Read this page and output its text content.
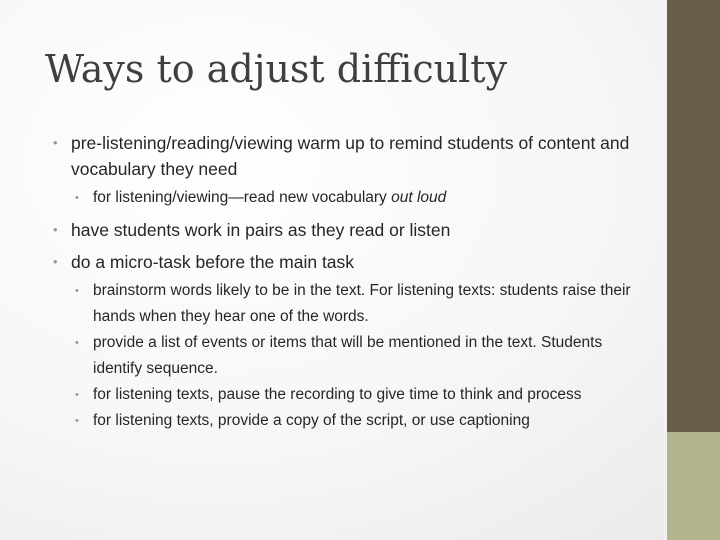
Ways to adjust difficulty
• pre-listening/reading/viewing warm up to remind students of content and vocabulary they need
• for listening/viewing—read new vocabulary out loud
• have students work in pairs as they read or listen
• do a micro-task before the main task
• brainstorm words likely to be in the text. For listening texts: students raise their hands when they hear one of the words.
• provide a list of events or items that will be mentioned in the text. Students identify sequence.
• for listening texts, pause the recording to give time to think and process
• for listening texts, provide a copy of the script, or use captioning
